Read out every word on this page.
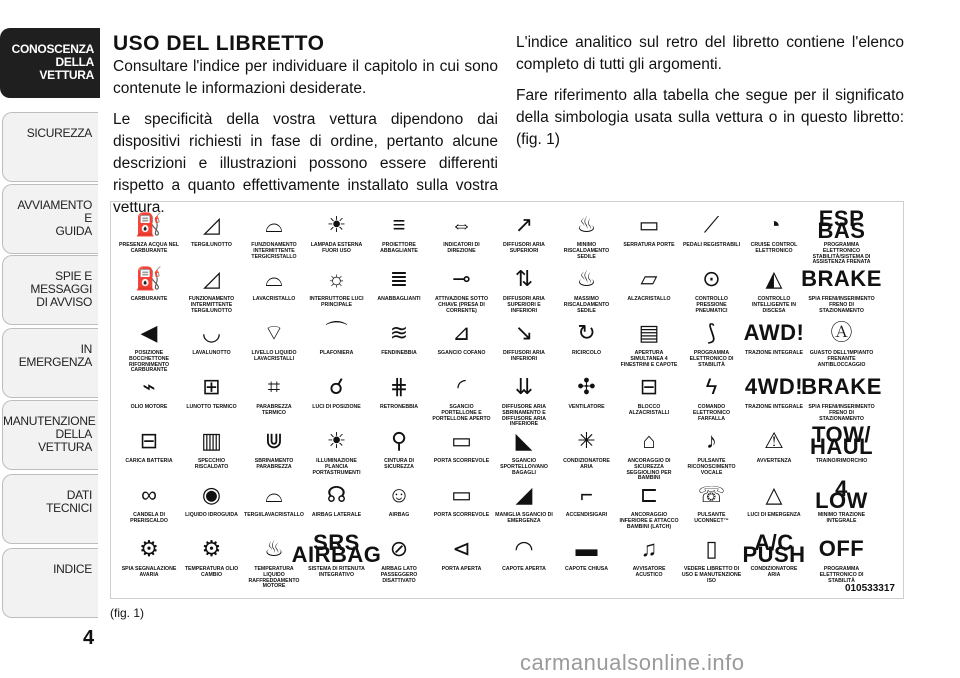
CONOSCENZA
DELLA
VETTURA
SICUREZZA
AVVIAMENTO
E
GUIDA
SPIE E
MESSAGGI
DI AVVISO
IN
EMERGENZA
MANUTENZIONE
DELLA
VETTURA
DATI
TECNICI
INDICE
4
USO DEL LIBRETTO

Consultare l'indice per individuare il capitolo in cui sono contenute le informazioni desiderate.

Le specificità della vostra vettura dipendono dai dispositivi richiesti in fase di ordine, pertanto alcune descrizioni e illustrazioni possono essere differenti rispetto a quanto effettivamente installato sulla vostra vettura.

L'indice analitico sul retro del libretto contiene l'elenco completo di tutti gli argomenti.

Fare riferimento alla tabella che segue per il significato della simbologia usata sulla vettura o in questo libretto: (fig. 1)

⛽
PRESENZA ACQUA NEL CARBURANTE
◿
TERGILUNOTTO
⌓
FUNZIONAMENTO INTERMITTENTE TERGICRISTALLO
☀
LAMPADA ESTERNA FUORI USO
≡
PROIETTORE ABBAGLIANTE
⇔
INDICATORI DI DIREZIONE
↗
DIFFUSORI ARIA SUPERIORI
♨
MINIMO RISCALDAMENTO SEDILE
▭
SERRATURA PORTE
⟋
PEDALI REGISTRABILI
◔
CRUISE CONTROL ELETTRONICO
ESP
BAS
PROGRAMMA ELETTRONICO STABILITÀ/SISTEMA DI ASSISTENZA FRENATA
⛽
CARBURANTE
◿
FUNZIONAMENTO INTERMITTENTE TERGILUNOTTO
⌓
LAVACRISTALLO
☼
INTERRUTTORE LUCI PRINCIPALE
≣
ANABBAGLIANTI
⊸
ATTIVAZIONE SOTTO CHIAVE (PRESA DI CORRENTE)
⇅
DIFFUSORI ARIA SUPERIORI E INFERIORI
♨
MASSIMO RISCALDAMENTO SEDILE
▱
ALZACRISTALLO
⊙
CONTROLLO PRESSIONE PNEUMATICI
◭
CONTROLLO INTELLIGENTE IN DISCESA
BRAKE
SPIA FRENI/INSERIMENTO FRENO DI STAZIONAMENTO
◀
POSIZIONE BOCCHETTONE RIFORNIMENTO CARBURANTE
◡
LAVALUNOTTO
⌔
LIVELLO LIQUIDO LAVACRISTALLI
⌒
PLAFONIERA
≋
FENDINEBBIA
⊿
SGANCIO COFANO
↘
DIFFUSORI ARIA INFERIORI
↻
RICIRCOLO
▤
APERTURA SIMULTANEA 4 FINESTRINI E CAPOTE
⟆
PROGRAMMA ELETTRONICO DI STABILITÀ
AWD!
TRAZIONE INTEGRALE
Ⓐ
GUASTO DELL'IMPIANTO FRENANTE ANTIBLOCCAGGIO
⌁
OLIO MOTORE
⊞
LUNOTTO TERMICO
⌗
PARABREZZA TERMICO
☌
LUCI DI POSIZIONE
⋕
RETRONEBBIA
◜
SGANCIO PORTELLONE E PORTELLONE APERTO
⇊
DIFFUSORE ARIA SBRINAMENTO E DIFFUSORE ARIA INFERIORE
✣
VENTILATORE
⊟
BLOCCO ALZACRISTALLI
ϟ
COMANDO ELETTRONICO FARFALLA
4WD!
TRAZIONE INTEGRALE
BRAKE
SPIA FRENI/INSERIMENTO FRENO DI STAZIONAMENTO
⊟
CARICA BATTERIA
▥
SPECCHIO RISCALDATO
⋓
SBRINAMENTO PARABREZZA
☀
ILLUMINAZIONE PLANCIA PORTASTRUMENTI
⚲
CINTURA DI SICUREZZA
▭
PORTA SCORREVOLE
◣
SGANCIO SPORTELLO/VANO BAGAGLI
✳
CONDIZIONATORE ARIA
⌂
ANCORAGGIO DI SICUREZZA SEGGIOLINO PER BAMBINI
♪
PULSANTE RICONOSCIMENTO VOCALE
⚠
AVVERTENZA
TOW/
HAUL
TRAINO/RIMORCHIO
∞
CANDELA DI PRERISCALDO
◉
LIQUIDO IDROGUIDA
⌓
TERGI/LAVACRISTALLO
☊
AIRBAG LATERALE
☺
AIRBAG
▭
PORTA SCORREVOLE
◢
MANIGLIA SGANCIO DI EMERGENZA
⌐
ACCENDISIGARI
⊏
ANCORAGGIO INFERIORE E ATTACCO BAMBINI (LATCH)
☏
PULSANTE UCONNECT™
△
LUCI DI EMERGENZA
4
LOW
MINIMO TRAZIONE INTEGRALE
⚙
SPIA SEGNALAZIONE AVARIA
⚙
TEMPERATURA OLIO CAMBIO
♨
TEMPERATURA LIQUIDO RAFFREDDAMENTO MOTORE
SRS
AIRBAG
SISTEMA DI RITENUTA INTEGRATIVO
⊘
AIRBAG LATO PASSEGGERO DISATTIVATO
⊲
PORTA APERTA
◠
CAPOTE APERTA
▬
CAPOTE CHIUSA
♫
AVVISATORE ACUSTICO
▯
VEDERE LIBRETTO DI USO E MANUTENZIONE ISO
A/C
PUSH
CONDIZIONATORE ARIA
OFF
PROGRAMMA ELETTRONICO DI STABILITÀ
010533317
(fig. 1)
carmanualsonline.info
